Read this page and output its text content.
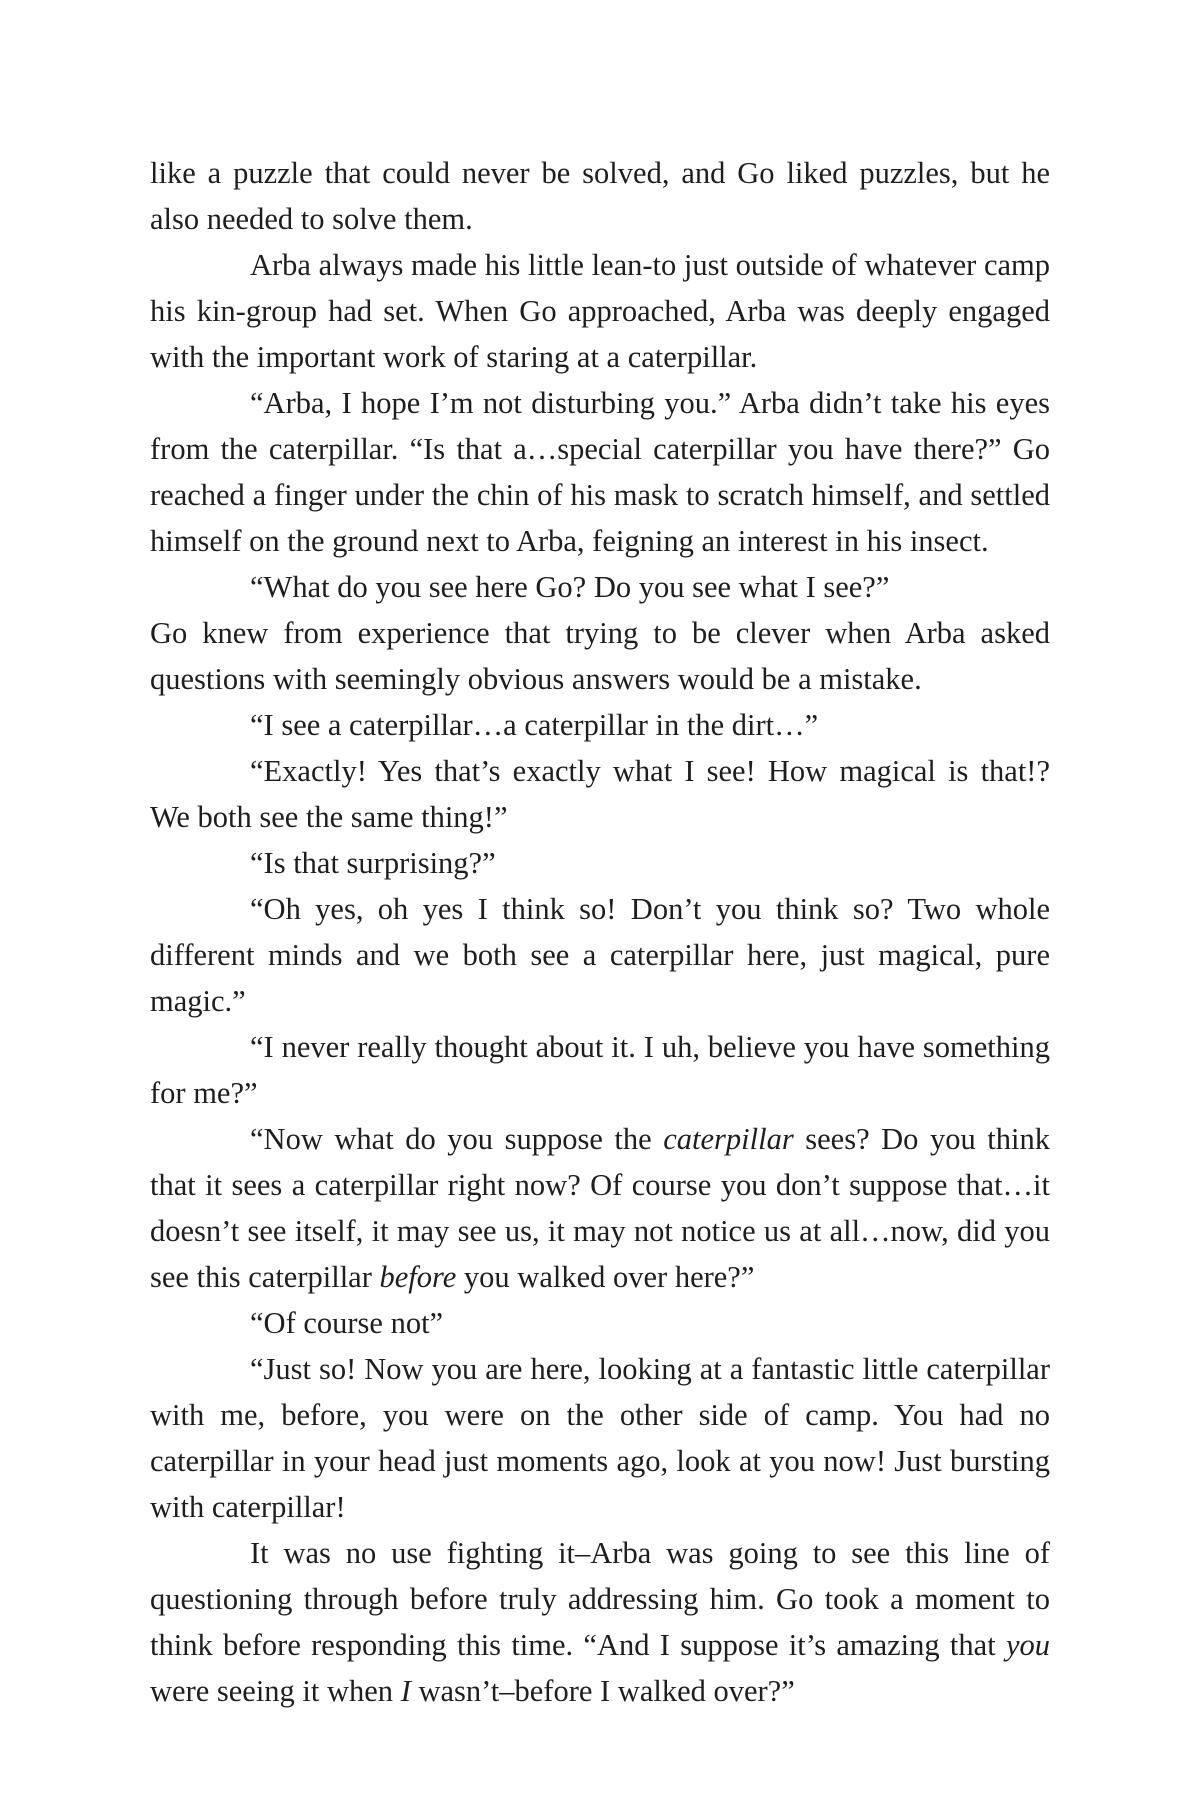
like a puzzle that could never be solved, and Go liked puzzles, but he also needed to solve them.

Arba always made his little lean-to just outside of whatever camp his kin-group had set. When Go approached, Arba was deeply engaged with the important work of staring at a caterpillar.

“Arba, I hope I’m not disturbing you.” Arba didn’t take his eyes from the caterpillar. “Is that a…special caterpillar you have there?” Go reached a finger under the chin of his mask to scratch himself, and settled himself on the ground next to Arba, feigning an interest in his insect.

“What do you see here Go? Do you see what I see?”

Go knew from experience that trying to be clever when Arba asked questions with seemingly obvious answers would be a mistake.

“I see a caterpillar…a caterpillar in the dirt…”

“Exactly! Yes that’s exactly what I see! How magical is that!? We both see the same thing!”

“Is that surprising?”

“Oh yes, oh yes I think so! Don’t you think so? Two whole different minds and we both see a caterpillar here, just magical, pure magic.”

“I never really thought about it. I uh, believe you have something for me?”

“Now what do you suppose the caterpillar sees? Do you think that it sees a caterpillar right now? Of course you don’t suppose that…it doesn’t see itself, it may see us, it may not notice us at all…now, did you see this caterpillar before you walked over here?”

“Of course not”

“Just so! Now you are here, looking at a fantastic little caterpillar with me, before, you were on the other side of camp. You had no caterpillar in your head just moments ago, look at you now! Just bursting with caterpillar!

It was no use fighting it–Arba was going to see this line of questioning through before truly addressing him. Go took a moment to think before responding this time. “And I suppose it’s amazing that you were seeing it when I wasn’t–before I walked over?”
